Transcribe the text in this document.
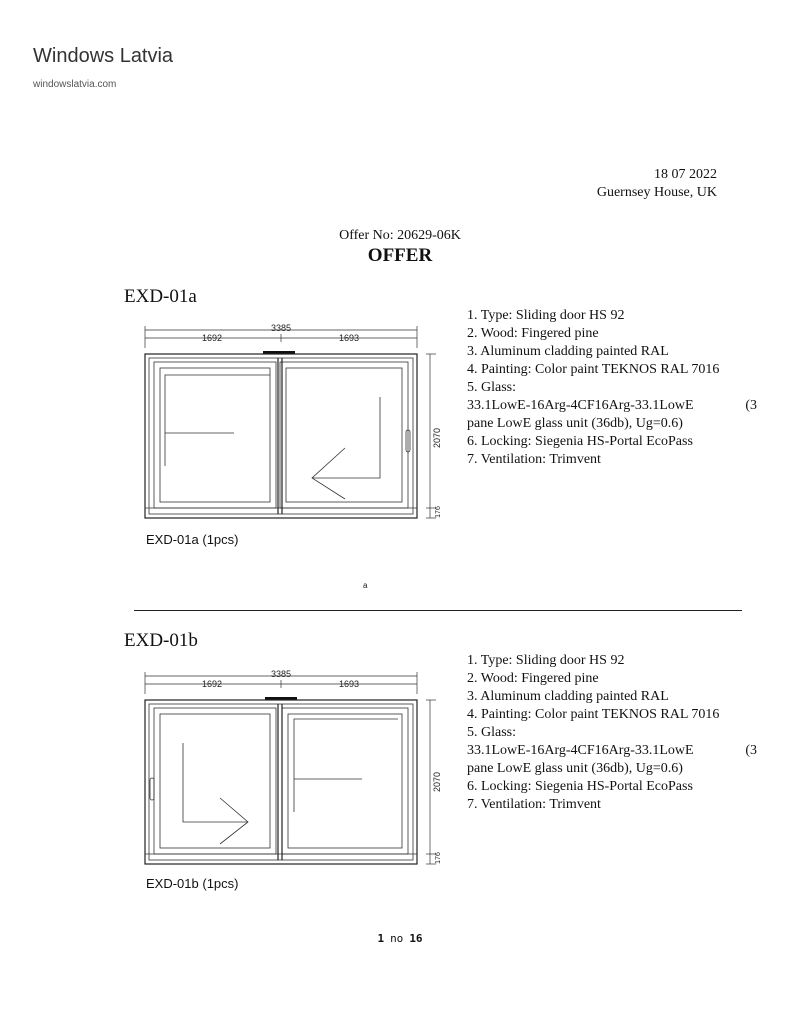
Windows Latvia
windowslatvia.com
18 07 2022
Guernsey House, UK
Offer No: 20629-06K
OFFER
EXD-01a
3385
1692	1693
2070
176
1. Type: Sliding door HS 92
2. Wood: Fingered pine
3. Aluminum cladding painted RAL
4. Painting: Color paint TEKNOS RAL 7016
5. Glass:
33.1LowE-16Arg-4CF16Arg-33.1LowE	(3
pane LowE glass unit (36db), Ug=0.6)
6. Locking: Siegenia HS-Portal EcoPass
7. Ventilation: Trimvent
EXD-01a (1pcs)
a
EXD-01b
3385
1692	1693
2070
176
1. Type: Sliding door HS 92
2. Wood: Fingered pine
3. Aluminum cladding painted RAL
4. Painting: Color paint TEKNOS RAL 7016
5. Glass:
33.1LowE-16Arg-4CF16Arg-33.1LowE	(3
pane LowE glass unit (36db), Ug=0.6)
6. Locking: Siegenia HS-Portal EcoPass
7. Ventilation: Trimvent
EXD-01b (1pcs)
1 no 16
